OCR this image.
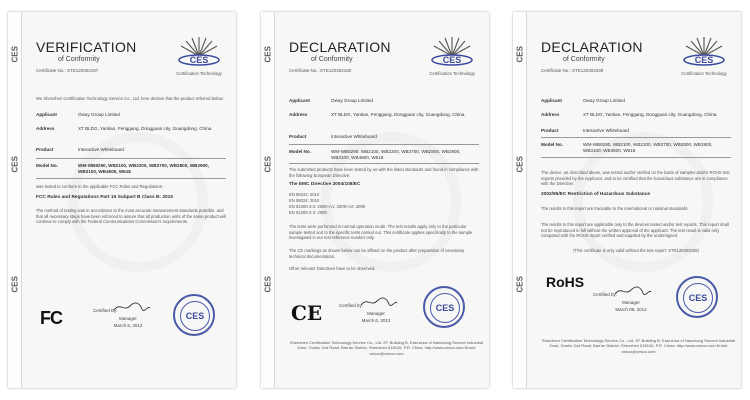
CES
CES
CES
VERIFICATION
of Conformity
Certificate No.: STE120302187
CES
Certification Technology
We Shenzhen Certification Technology Service Co., Ltd. here declare that the product referred below:
Applicant	Oway Group Limited
Address	XT BLDG, Yantian, Fenggang, Dongguan city, Guangdong, China.
Product	Interactive Whiteboard
Model No.	WM-WB8290, WB2100, WB2200, WB2700, WB2800, WB2900, WB3100, WB4600, W618
was tested to conform to the applicable FCC Rules and Regulations:
FCC Rules and Regulations Part 15 Subpart B Class B: 2010
The method of testing was in accordance to the most accurate measurement standards possible, and that all necessary steps have been enforced to assure that all production units of the same product will continue to comply with the Federal Communications Commission's requirements.
FC	Certified By:
Manager
March 6, 2012
CES
CES
CES
CES
DECLARATION
of Conformity
Certificate No.: STE120302180
CES
Certification Technology
Applicant	Oway Group Limited
Address	XT BLDG, Yantian, Fenggang, Dongguan city, Guangdong, China.
Product	Interactive Whiteboard
Model No.	WM-WB8290, WB2100, WB2200, WB2700, WB2800, WB2900, WB3100, WB4600, W618
The submitted products have been tested by us with the listed standards and found in compliance with the following European Directive:
The EMC Directive 2004/108/EC
EN 55022: 2010
EN 55024: 2010
EN 61000-3-2: 2006+A1: 2009+A2: 2009
EN 61000-3-3: 2008
The tests were performed in normal operation mode. The test results apply only to the particular sample tested and to the specific tests carried out. This certificate applies specifically to the sample investigated in our test reference number only.
The CE markings as shown below can be affixed on the product after preparation of necessary technical documentation.
Other relevant Directives have to be observed.
CE	Certified by:
Manager
March 6, 2012
CES
Shenzhen Certification Technology Service Co., Ltd. 2F, Building B, East Area of Nanchang Second Industrial Zone, Gushu 2nd Road, Bao'an District, Shenzhen 518126, P.R. China. http://www.cesoo.com Email: cesoo@cesoo.com
CES
CES
CES
DECLARATION
of Conformity
Certificate No.: STE120302039
CES
Certification Technology
Applicant	Oway Group Limited
Address	XT BLDG, Yantian, Fenggang, Dongguan city, Guangdong, China.
Product	Interactive Whiteboard
Model No.	WM-WB8290, WB2100, WB2200, WB2700, WB2800, WB2900, WB3100, WB4600, W618
The device, as described above, was tested and/or verified on the basis of samples and/or ROHS test reports provided by the Applicant, and to be certified that the hazardous substance are in compliance with the Directive:
2002/95/EC Restriction of Hazardous Substance
The results in this report are traceable to the international or national standards.
The results in this report are applicable only to the devices tested and/or test reports. This report shall not be reproduced in full without the written approval of the applicant. The test result is valid only compared with the ROHS report verified and supplied by the undersigned.
(This certificate is only valid without the test report: STR120302039)
RoHS
Certified by:
Manager
March 09, 2012
CES
Shenzhen Certification Technology Service Co., Ltd. 2F, Building B, East Area of Nanchang Second Industrial Zone, Gushu 2nd Road, Bao'an District, Shenzhen 518126, P.R. China. http://www.cesoo.com Email: cesoo@cesoo.com
